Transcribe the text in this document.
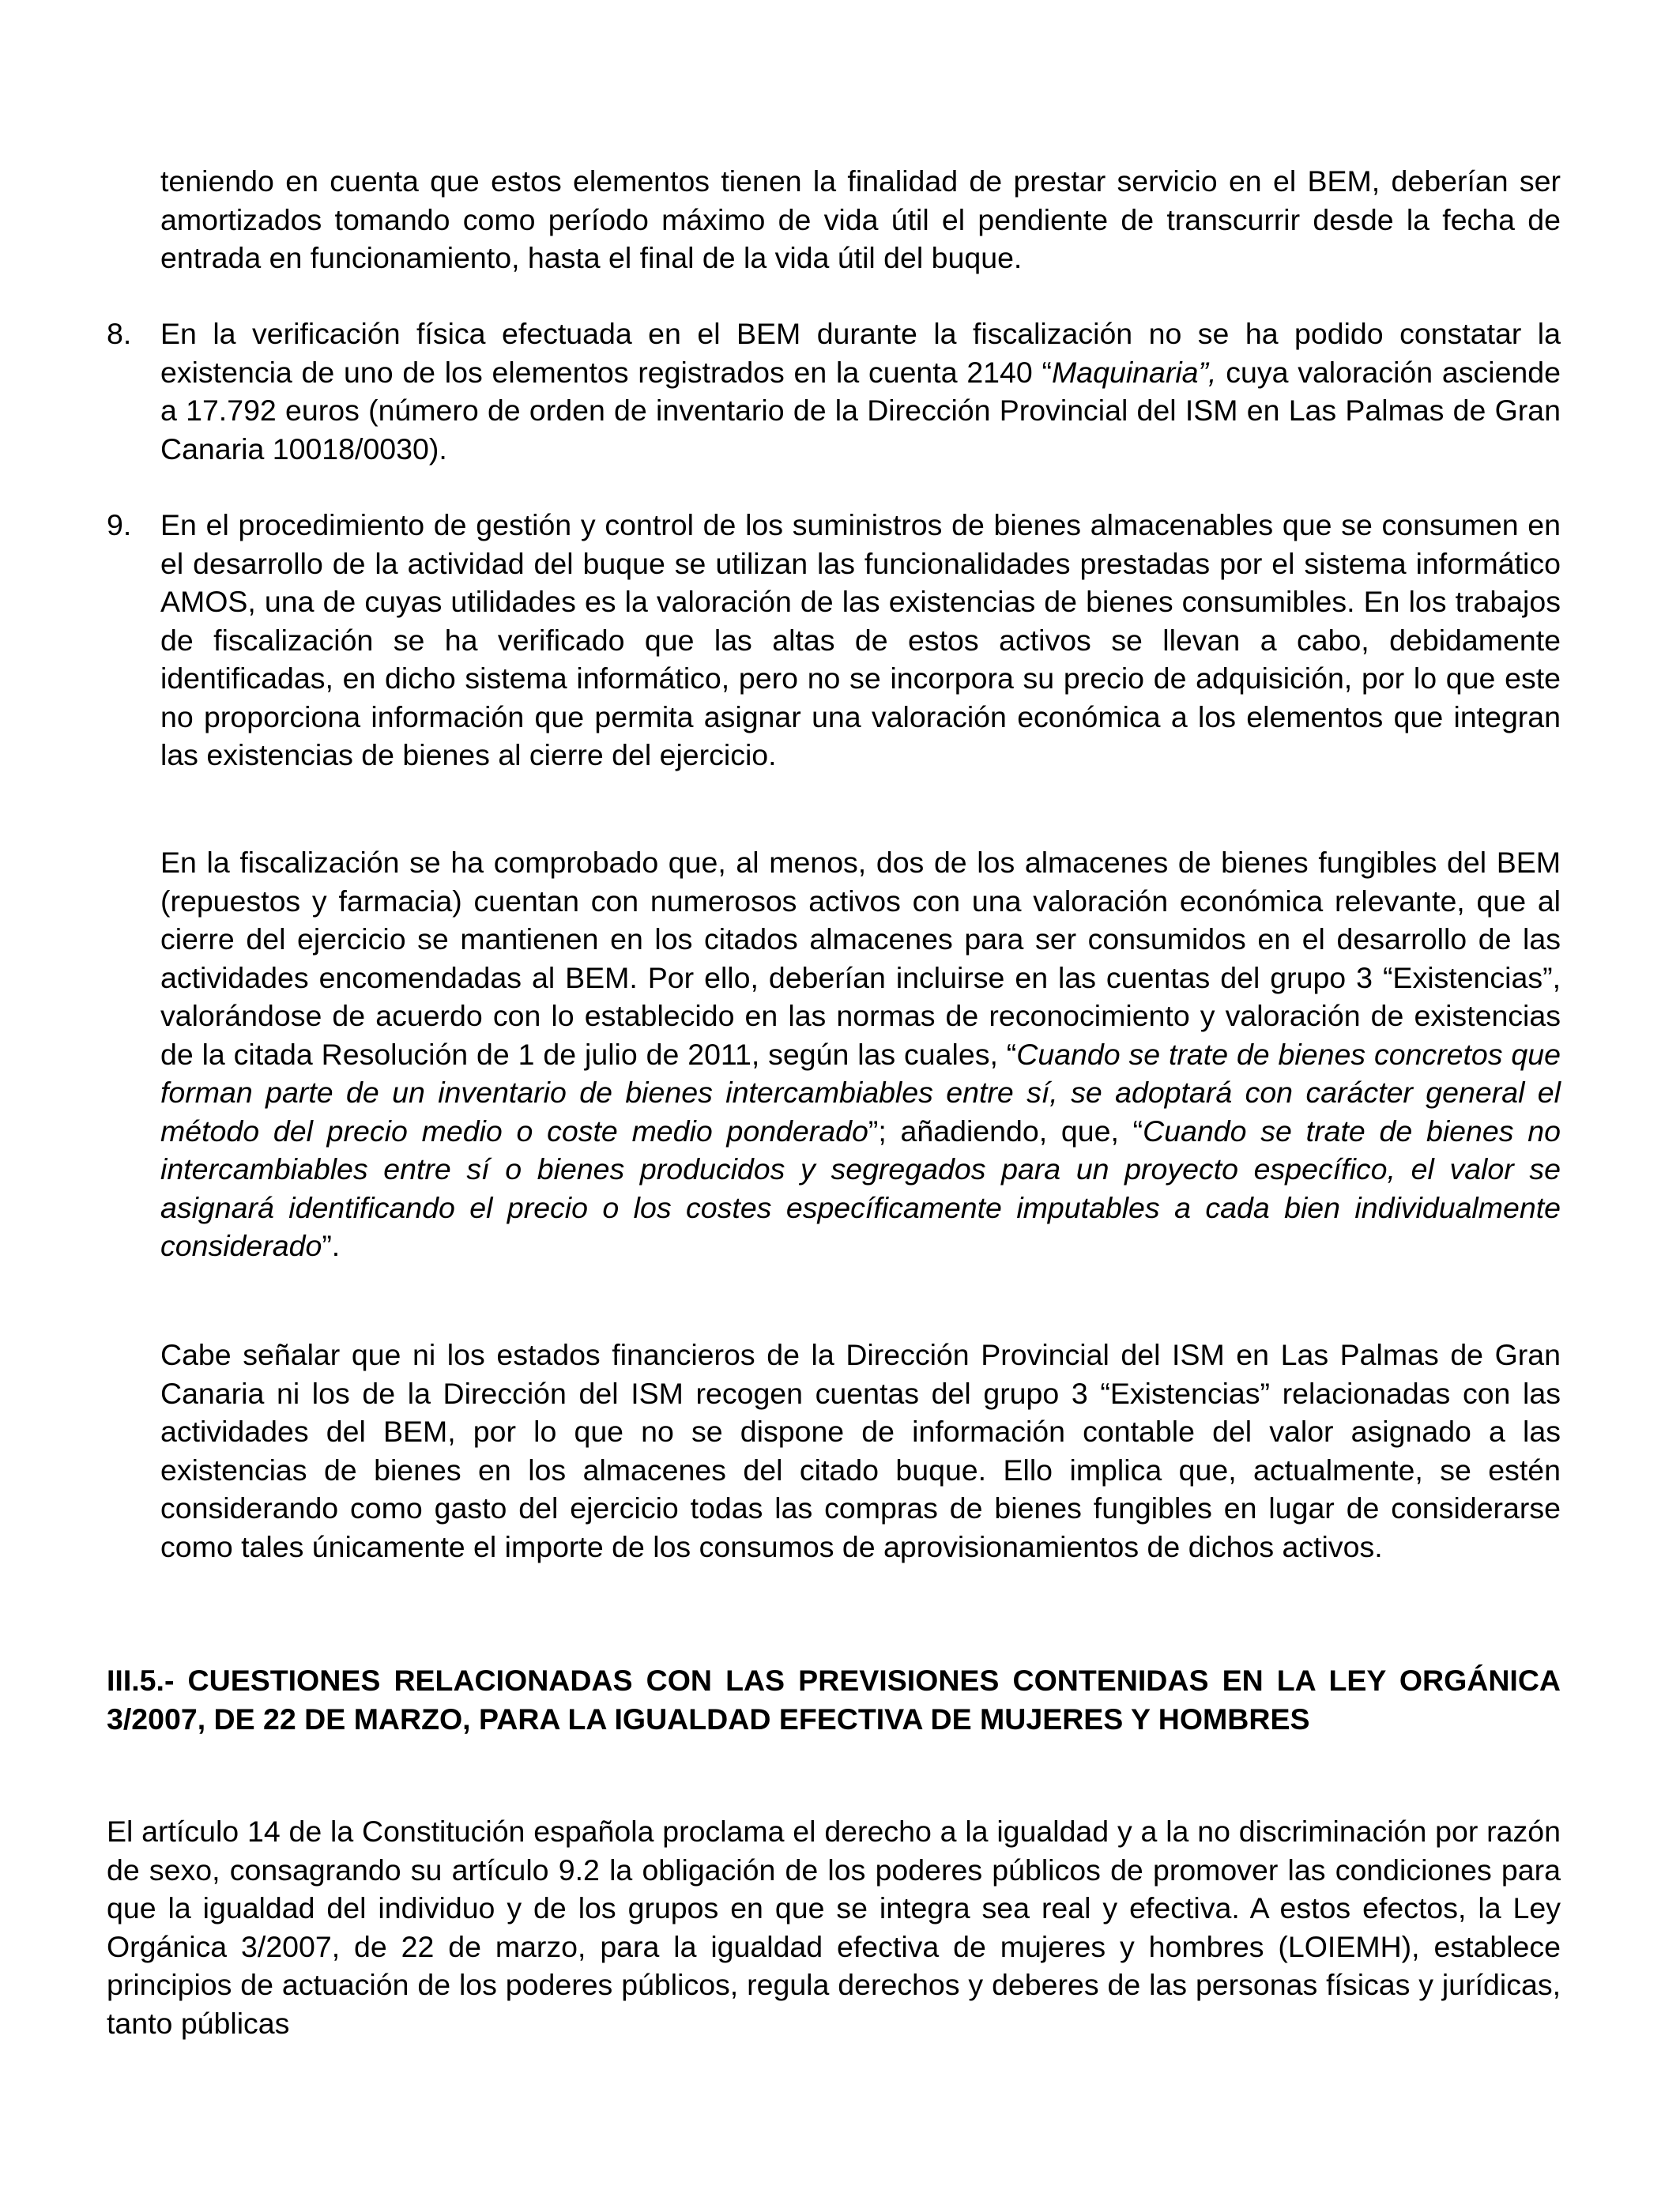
teniendo en cuenta que estos elementos tienen la finalidad de prestar servicio en el BEM, deberían ser amortizados tomando como período máximo de vida útil el pendiente de transcurrir desde la fecha de entrada en funcionamiento, hasta el final de la vida útil del buque.

8. En la verificación física efectuada en el BEM durante la fiscalización no se ha podido constatar la existencia de uno de los elementos registrados en la cuenta 2140 “Maquinaria”, cuya valoración asciende a 17.792 euros (número de orden de inventario de la Dirección Provincial del ISM en Las Palmas de Gran Canaria 10018/0030).

9. En el procedimiento de gestión y control de los suministros de bienes almacenables que se consumen en el desarrollo de la actividad del buque se utilizan las funcionalidades prestadas por el sistema informático AMOS, una de cuyas utilidades es la valoración de las existencias de bienes consumibles. En los trabajos de fiscalización se ha verificado que las altas de estos activos se llevan a cabo, debidamente identificadas, en dicho sistema informático, pero no se incorpora su precio de adquisición, por lo que este no proporciona información que permita asignar una valoración económica a los elementos que integran las existencias de bienes al cierre del ejercicio.

En la fiscalización se ha comprobado que, al menos, dos de los almacenes de bienes fungibles del BEM (repuestos y farmacia) cuentan con numerosos activos con una valoración económica relevante, que al cierre del ejercicio se mantienen en los citados almacenes para ser consumidos en el desarrollo de las actividades encomendadas al BEM. Por ello, deberían incluirse en las cuentas del grupo 3 “Existencias”, valorándose de acuerdo con lo establecido en las normas de reconocimiento y valoración de existencias de la citada Resolución de 1 de julio de 2011, según las cuales, “Cuando se trate de bienes concretos que forman parte de un inventario de bienes intercambiables entre sí, se adoptará con carácter general el método del precio medio o coste medio ponderado”; añadiendo, que, “Cuando se trate de bienes no intercambiables entre sí o bienes producidos y segregados para un proyecto específico, el valor se asignará identificando el precio o los costes específicamente imputables a cada bien individualmente considerado”.

Cabe señalar que ni los estados financieros de la Dirección Provincial del ISM en Las Palmas de Gran Canaria ni los de la Dirección del ISM recogen cuentas del grupo 3 “Existencias” relacionadas con las actividades del BEM, por lo que no se dispone de información contable del valor asignado a las existencias de bienes en los almacenes del citado buque. Ello implica que, actualmente, se estén considerando como gasto del ejercicio todas las compras de bienes fungibles en lugar de considerarse como tales únicamente el importe de los consumos de aprovisionamientos de dichos activos.

III.5.- CUESTIONES RELACIONADAS CON LAS PREVISIONES CONTENIDAS EN LA LEY ORGÁNICA 3/2007, DE 22 DE MARZO, PARA LA IGUALDAD EFECTIVA DE MUJERES Y HOMBRES

El artículo 14 de la Constitución española proclama el derecho a la igualdad y a la no discriminación por razón de sexo, consagrando su artículo 9.2 la obligación de los poderes públicos de promover las condiciones para que la igualdad del individuo y de los grupos en que se integra sea real y efectiva. A estos efectos, la Ley Orgánica 3/2007, de 22 de marzo, para la igualdad efectiva de mujeres y hombres (LOIEMH), establece principios de actuación de los poderes públicos, regula derechos y deberes de las personas físicas y jurídicas, tanto públicas
